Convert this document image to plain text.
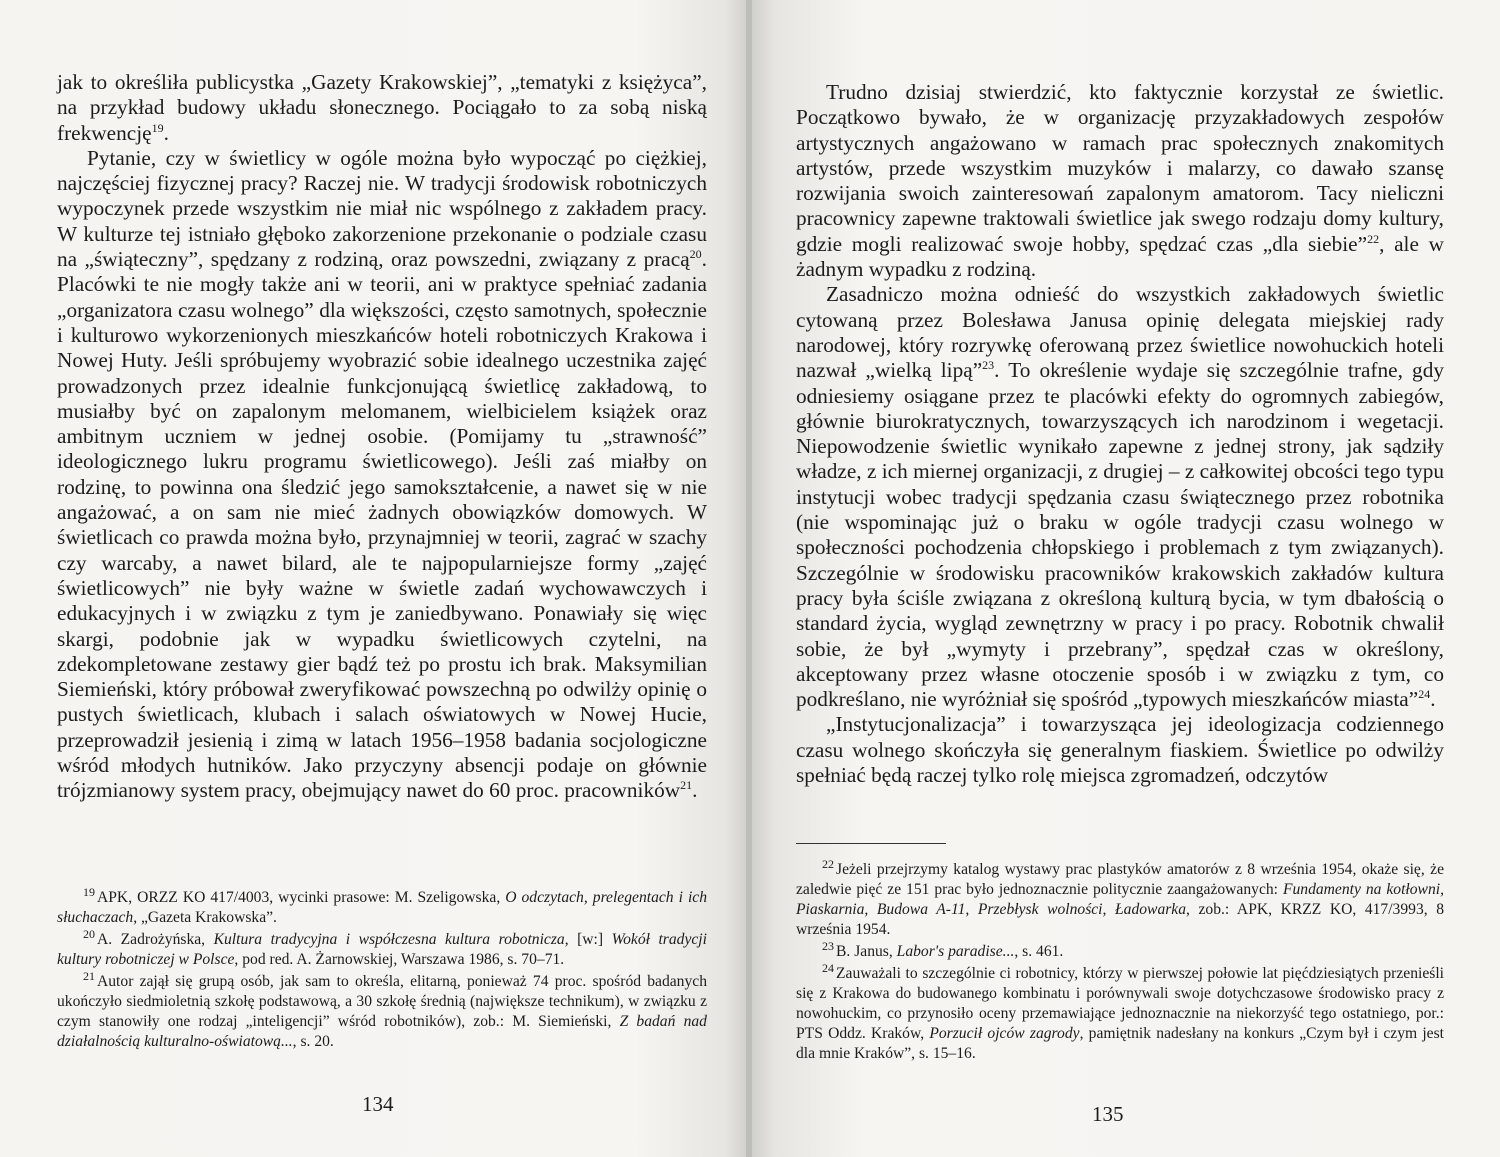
jak to określiła publicystka „Gazety Krakowskiej”, „tematyki z księżyca”, na przykład budowy układu słonecznego. Pociągało to za sobą niską frekwencję$^{19}$.

Pytanie, czy w świetlicy w ogóle można było wypocząć po ciężkiej, najczęściej fizycznej pracy? Raczej nie. W tradycji środowisk robotniczych wypoczynek przede wszystkim nie miał nic wspólnego z zakładem pracy. W kulturze tej istniało głęboko zakorzenione przekonanie o podziale czasu na „świąteczny”, spędzany z rodziną, oraz powszedni, związany z pracą$^{20}$. Placówki te nie mogły także ani w teorii, ani w praktyce spełniać zadania „organizatora czasu wolnego” dla większości, często samotnych, społecznie i kulturowo wykorzenionych mieszkańców hoteli robotniczych Krakowa i Nowej Huty. Jeśli spróbujemy wyobrazić sobie idealnego uczestnika zajęć prowadzonych przez idealnie funkcjonującą świetlicę zakładową, to musiałby być on zapalonym melomanem, wielbicielem książek oraz ambitnym uczniem w jednej osobie. (Pomijamy tu „strawność” ideologicznego lukru programu świetlicowego). Jeśli zaś miałby on rodzinę, to powinna ona śledzić jego samokształcenie, a nawet się w nie angażować, a on sam nie mieć żadnych obowiązków domowych. W świetlicach co prawda można było, przynajmniej w teorii, zagrać w szachy czy warcaby, a nawet bilard, ale te najpopularniejsze formy „zajęć świetlicowych” nie były ważne w świetle zadań wychowawczych i edukacyjnych i w związku z tym je zaniedbywano. Ponawiały się więc skargi, podobnie jak w wypadku świetlicowych czytelni, na zdekompletowane zestawy gier bądź też po prostu ich brak. Maksymilian Siemieński, który próbował zweryfikować powszechną po odwilży opinię o pustych świetlicach, klubach i salach oświatowych w Nowej Hucie, przeprowadził jesienią i zimą w latach 1956–1958 badania socjologiczne wśród młodych hutników. Jako przyczyny absencji podaje on głównie trójzmianowy system pracy, obejmujący nawet do 60 proc. pracowników$^{21}$.

$^{19}$ APK, ORZZ KO 417/4003, wycinki prasowe: M. Szeligowska, O odczytach, prelegentach i ich słuchaczach, „Gazeta Krakowska”.

$^{20}$ A. Zadrożyńska, Kultura tradycyjna i współczesna kultura robotnicza, [w:] Wokół tradycji kultury robotniczej w Polsce, pod red. A. Żarnowskiej, Warszawa 1986, s. 70–71.

$^{21}$ Autor zajął się grupą osób, jak sam to określa, elitarną, ponieważ 74 proc. spośród badanych ukończyło siedmioletnią szkołę podstawową, a 30 szkołę średnią (największe technikum), w związku z czym stanowiły one rodzaj „inteligencji” wśród robotników), zob.: M. Siemieński, Z badań nad działalnością kulturalno-oświatową..., s. 20.

134

Trudno dzisiaj stwierdzić, kto faktycznie korzystał ze świetlic. Początkowo bywało, że w organizację przyzakładowych zespołów artystycznych angażowano w ramach prac społecznych znakomitych artystów, przede wszystkim muzyków i malarzy, co dawało szansę rozwijania swoich zainteresowań zapalonym amatorom. Tacy nieliczni pracownicy zapewne traktowali świetlice jak swego rodzaju domy kultury, gdzie mogli realizować swoje hobby, spędzać czas „dla siebie”$^{22}$, ale w żadnym wypadku z rodziną.

Zasadniczo można odnieść do wszystkich zakładowych świetlic cytowaną przez Bolesława Janusa opinię delegata miejskiej rady narodowej, który rozrywkę oferowaną przez świetlice nowohuckich hoteli nazwał „wielką lipą”$^{23}$. To określenie wydaje się szczególnie trafne, gdy odniesiemy osiągane przez te placówki efekty do ogromnych zabiegów, głównie biurokratycznych, towarzyszących ich narodzinom i wegetacji. Niepowodzenie świetlic wynikało zapewne z jednej strony, jak sądziły władze, z ich miernej organizacji, z drugiej – z całkowitej obcości tego typu instytucji wobec tradycji spędzania czasu świątecznego przez robotnika (nie wspominając już o braku w ogóle tradycji czasu wolnego w społeczności pochodzenia chłopskiego i problemach z tym związanych). Szczególnie w środowisku pracowników krakowskich zakładów kultura pracy była ściśle związana z określoną kulturą bycia, w tym dbałością o standard życia, wygląd zewnętrzny w pracy i po pracy. Robotnik chwalił sobie, że był „wymyty i przebrany”, spędzał czas w określony, akceptowany przez własne otoczenie sposób i w związku z tym, co podkreślano, nie wyróżniał się spośród „typowych mieszkańców miasta”$^{24}$.

„Instytucjonalizacja” i towarzysząca jej ideologizacja codziennego czasu wolnego skończyła się generalnym fiaskiem. Świetlice po odwilży spełniać będą raczej tylko rolę miejsca zgromadzeń, odczytów

$^{22}$ Jeżeli przejrzymy katalog wystawy prac plastyków amatorów z 8 września 1954, okaże się, że zaledwie pięć ze 151 prac było jednoznacznie politycznie zaangażowanych: Fundamenty na kotłowni, Piaskarnia, Budowa A-11, Przebłysk wolności, Ładowarka, zob.: APK, KRZZ KO, 417/3993, 8 września 1954.

$^{23}$ B. Janus, Labor's paradise..., s. 461.

$^{24}$ Zauważali to szczególnie ci robotnicy, którzy w pierwszej połowie lat pięćdziesiątych przenieśli się z Krakowa do budowanego kombinatu i porównywali swoje dotychczasowe środowisko pracy z nowohuckim, co przynosiło oceny przemawiające jednoznacznie na niekorzyść tego ostatniego, por.: PTS Oddz. Kraków, Porzucił ojców zagrody, pamiętnik nadesłany na konkurs „Czym był i czym jest dla mnie Kraków”, s. 15–16.

135
